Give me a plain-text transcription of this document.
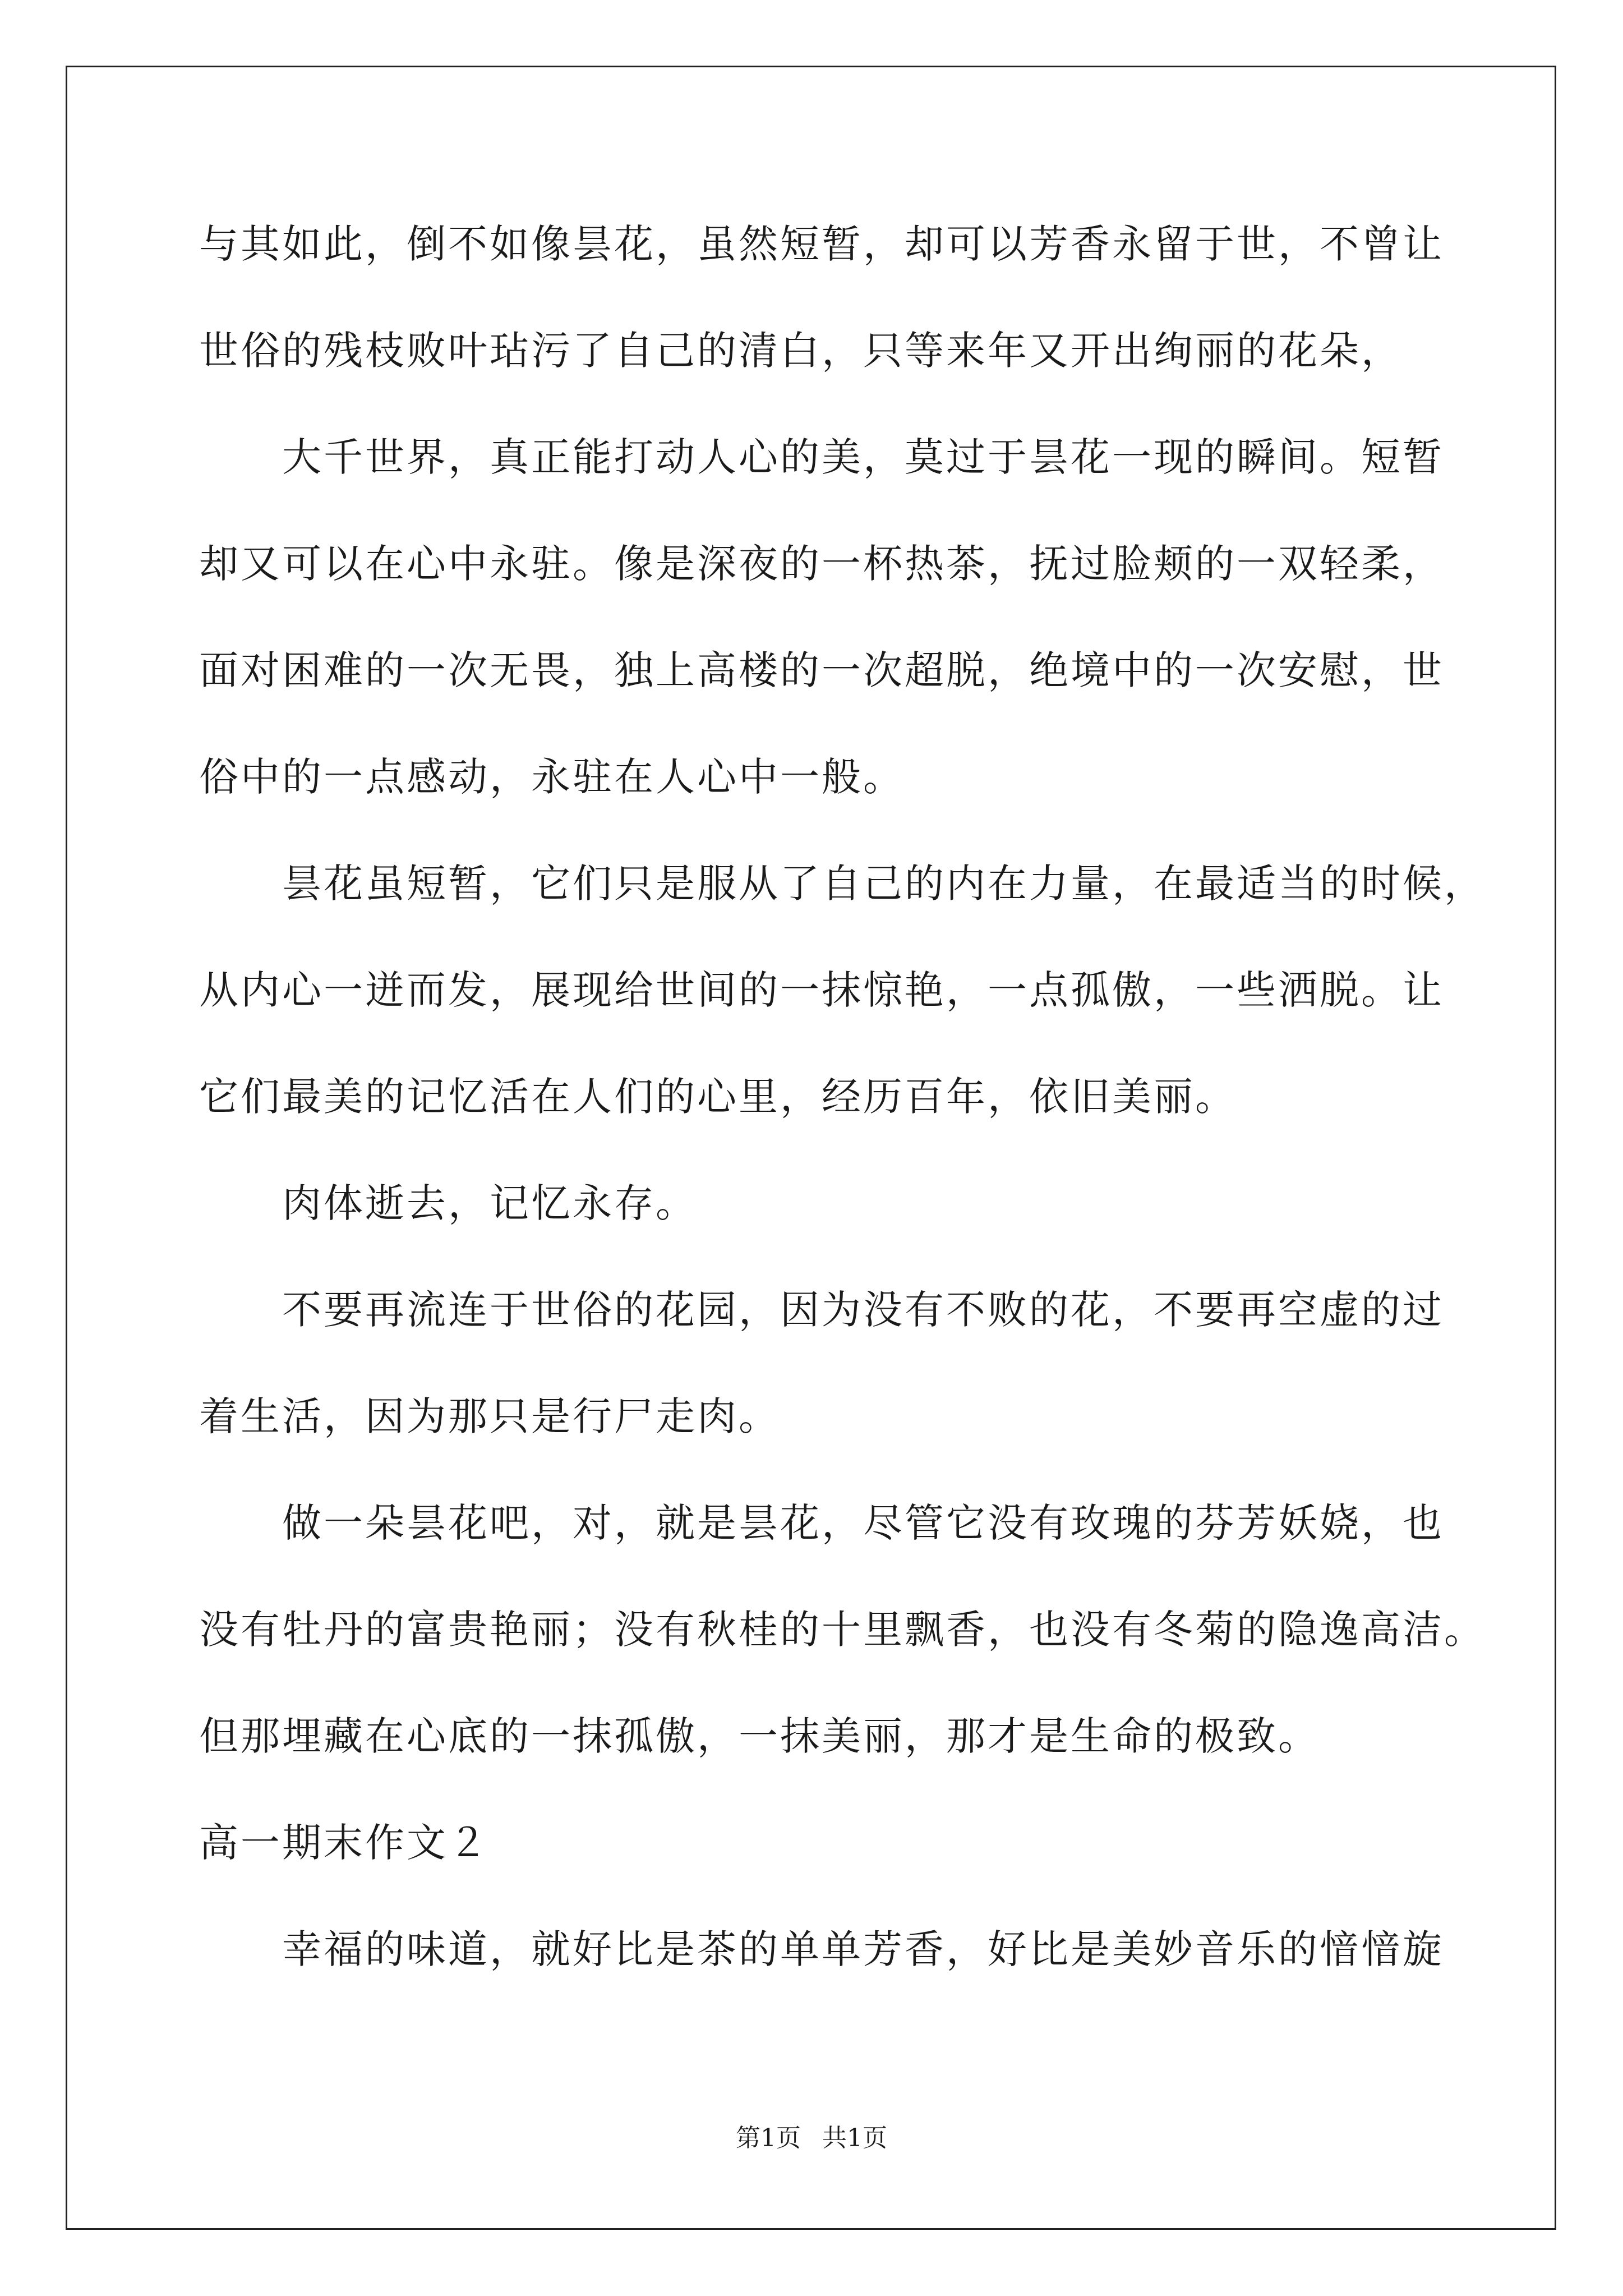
与其如此，倒不如像昙花，虽然短暂，却可以芳香永留于世，不曾让
世俗的残枝败叶玷污了自己的清白，只等来年又开出绚丽的花朵，
大千世界，真正能打动人心的美，莫过于昙花一现的瞬间。短暂
却又可以在心中永驻。像是深夜的一杯热茶，抚过脸颊的一双轻柔，
面对困难的一次无畏，独上高楼的一次超脱，绝境中的一次安慰，世
俗中的一点感动，永驻在人心中一般。
昙花虽短暂，它们只是服从了自己的内在力量，在最适当的时候，
从内心一迸而发，展现给世间的一抹惊艳，一点孤傲，一些洒脱。让
它们最美的记忆活在人们的心里，经历百年，依旧美丽。
肉体逝去，记忆永存。
不要再流连于世俗的花园，因为没有不败的花，不要再空虚的过
着生活，因为那只是行尸走肉。
做一朵昙花吧，对，就是昙花，尽管它没有玫瑰的芬芳妖娆，也
没有牡丹的富贵艳丽；没有秋桂的十里飘香，也没有冬菊的隐逸高洁。
但那埋藏在心底的一抹孤傲，一抹美丽，那才是生命的极致。
高一期末作文２
幸福的味道，就好比是茶的单单芳香，好比是美妙音乐的愔愔旋
第1页 共1页
